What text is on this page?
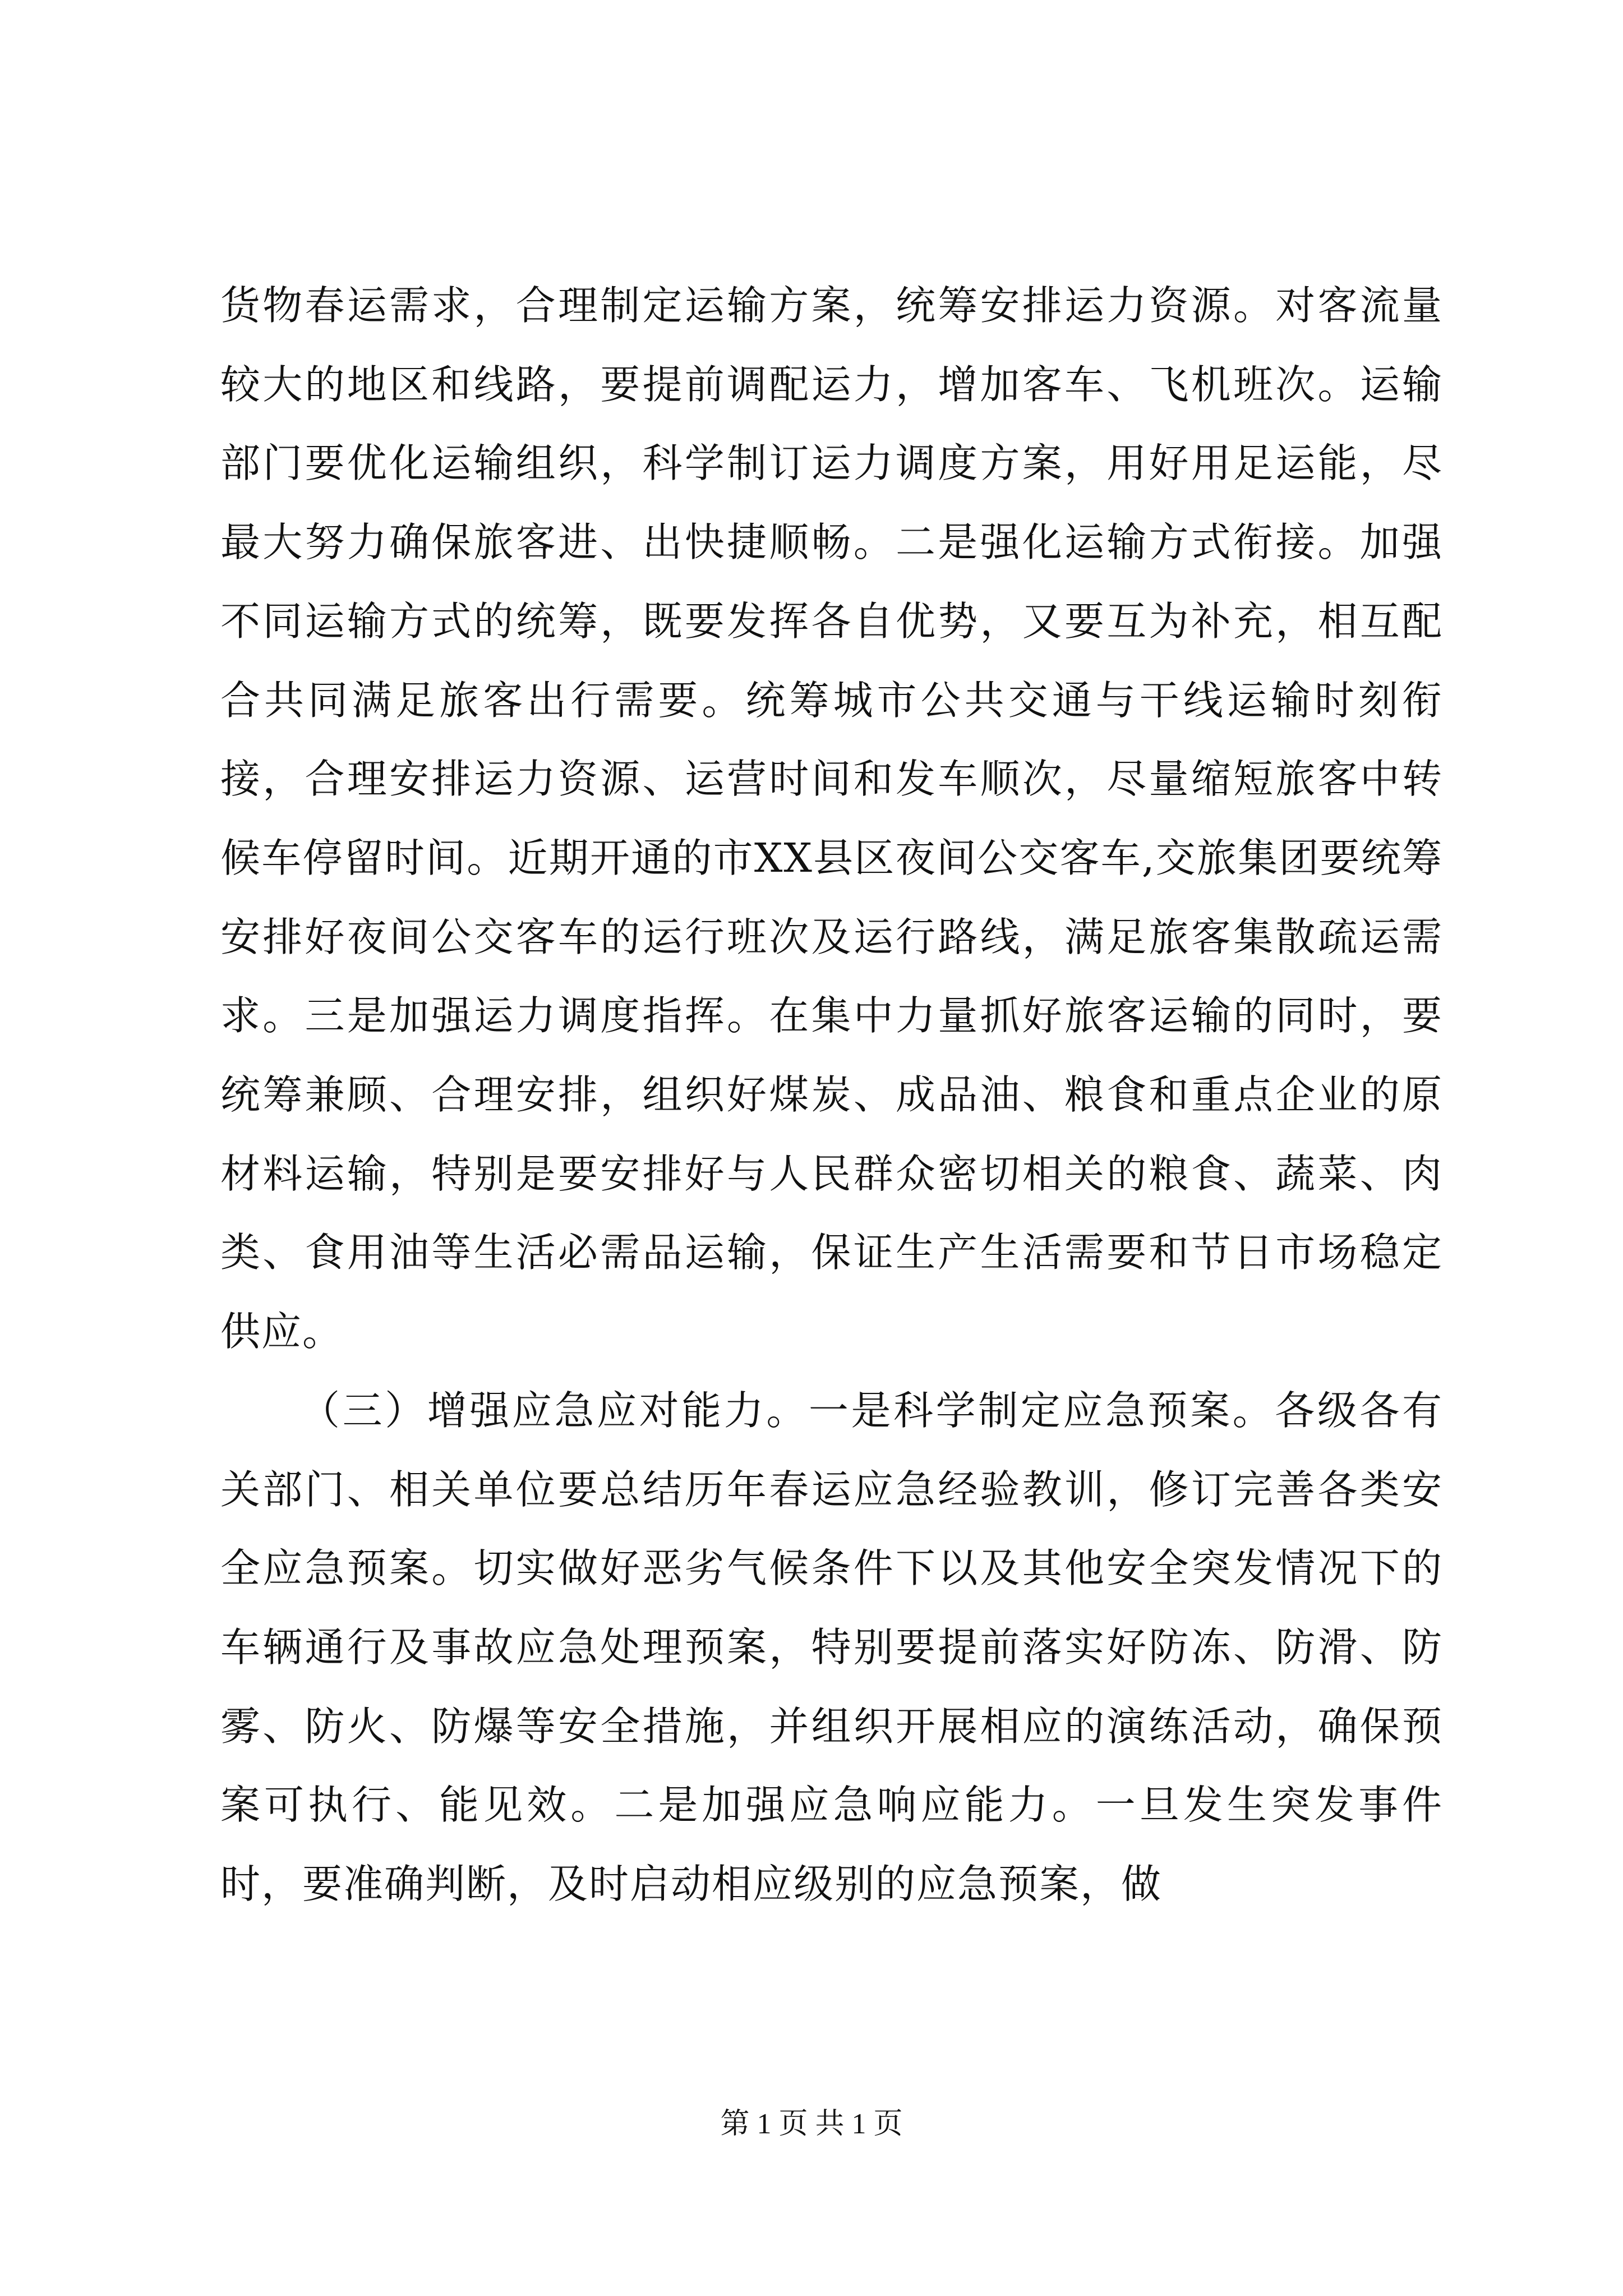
货物春运需求，合理制定运输方案，统筹安排运力资源。对客流量较大的地区和线路，要提前调配运力，增加客车、飞机班次。运输部门要优化运输组织，科学制订运力调度方案，用好用足运能，尽最大努力确保旅客进、出快捷顺畅。二是强化运输方式衔接。加强不同运输方式的统筹，既要发挥各自优势，又要互为补充，相互配合共同满足旅客出行需要。统筹城市公共交通与干线运输时刻衔接，合理安排运力资源、运营时间和发车顺次，尽量缩短旅客中转候车停留时间。近期开通的市XX县区夜间公交客车,交旅集团要统筹安排好夜间公交客车的运行班次及运行路线，满足旅客集散疏运需求。三是加强运力调度指挥。在集中力量抓好旅客运输的同时，要统筹兼顾、合理安排，组织好煤炭、成品油、粮食和重点企业的原材料运输，特别是要安排好与人民群众密切相关的粮食、蔬菜、肉类、食用油等生活必需品运输，保证生产生活需要和节日市场稳定供应。

（三）增强应急应对能力。一是科学制定应急预案。各级各有关部门、相关单位要总结历年春运应急经验教训，修订完善各类安全应急预案。切实做好恶劣气候条件下以及其他安全突发情况下的车辆通行及事故应急处理预案，特别要提前落实好防冻、防滑、防雾、防火、防爆等安全措施，并组织开展相应的演练活动，确保预案可执行、能见效。二是加强应急响应能力。一旦发生突发事件时，要准确判断，及时启动相应级别的应急预案，做

第 1 页 共 1 页
